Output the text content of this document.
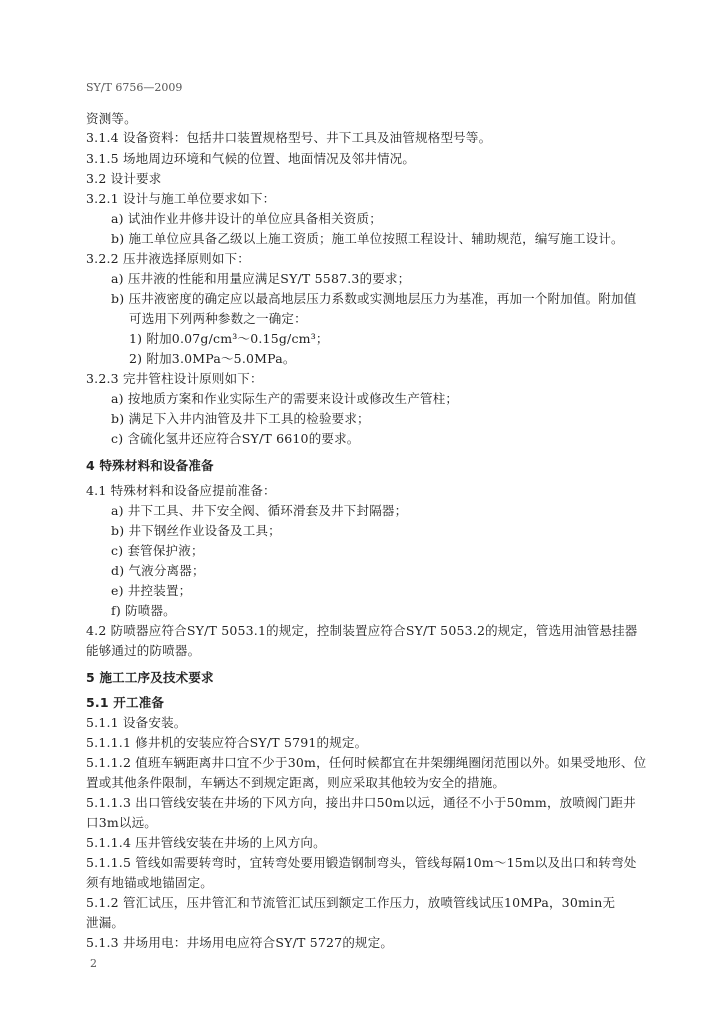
SY/T 6756—2009
资测等。
3.1.4 设备资料：包括井口装置规格型号、井下工具及油管规格型号等。
3.1.5 场地周边环境和气候的位置、地面情况及邻井情况。
3.2 设计要求
3.2.1 设计与施工单位要求如下：
a) 试油作业井修井设计的单位应具备相关资质；
b) 施工单位应具备乙级以上施工资质；施工单位按照工程设计、辅助规范，编写施工设计。
3.2.2 压井液选择原则如下：
a) 压井液的性能和用量应满足SY/T 5587.3的要求；
b) 压井液密度的确定应以最高地层压力系数或实测地层压力为基准，再加一个附加值。附加值
可选用下列两种参数之一确定：
1) 附加0.07g/cm³～0.15g/cm³；
2) 附加3.0MPa～5.0MPa。
3.2.3 完井管柱设计原则如下：
a) 按地质方案和作业实际生产的需要来设计或修改生产管柱；
b) 满足下入井内油管及井下工具的检验要求；
c) 含硫化氢井还应符合SY/T 6610的要求。
4 特殊材料和设备准备
4.1 特殊材料和设备应提前准备：
a) 井下工具、井下安全阀、循环滑套及井下封隔器；
b) 井下钢丝作业设备及工具；
c) 套管保护液；
d) 气液分离器；
e) 井控装置；
f) 防喷器。
4.2 防喷器应符合SY/T 5053.1的规定，控制装置应符合SY/T 5053.2的规定，管选用油管悬挂器
能够通过的防喷器。
5 施工工序及技术要求
5.1 开工准备
5.1.1 设备安装。
5.1.1.1 修井机的安装应符合SY/T 5791的规定。
5.1.1.2 值班车辆距离井口宜不少于30m，任何时候都宜在井架绷绳圈闭范围以外。如果受地形、位
置或其他条件限制，车辆达不到规定距离，则应采取其他较为安全的措施。
5.1.1.3 出口管线安装在井场的下风方向，接出井口50m以远，通径不小于50mm，放喷阀门距井
口3m以远。
5.1.1.4 压井管线安装在井场的上风方向。
5.1.1.5 管线如需要转弯时，宜转弯处要用锻造钢制弯头，管线每隔10m～15m以及出口和转弯处
须有地锚或地锚固定。
5.1.2 管汇试压，压井管汇和节流管汇试压到额定工作压力，放喷管线试压10MPa，30min无
泄漏。
5.1.3 井场用电：井场用电应符合SY/T 5727的规定。
2
